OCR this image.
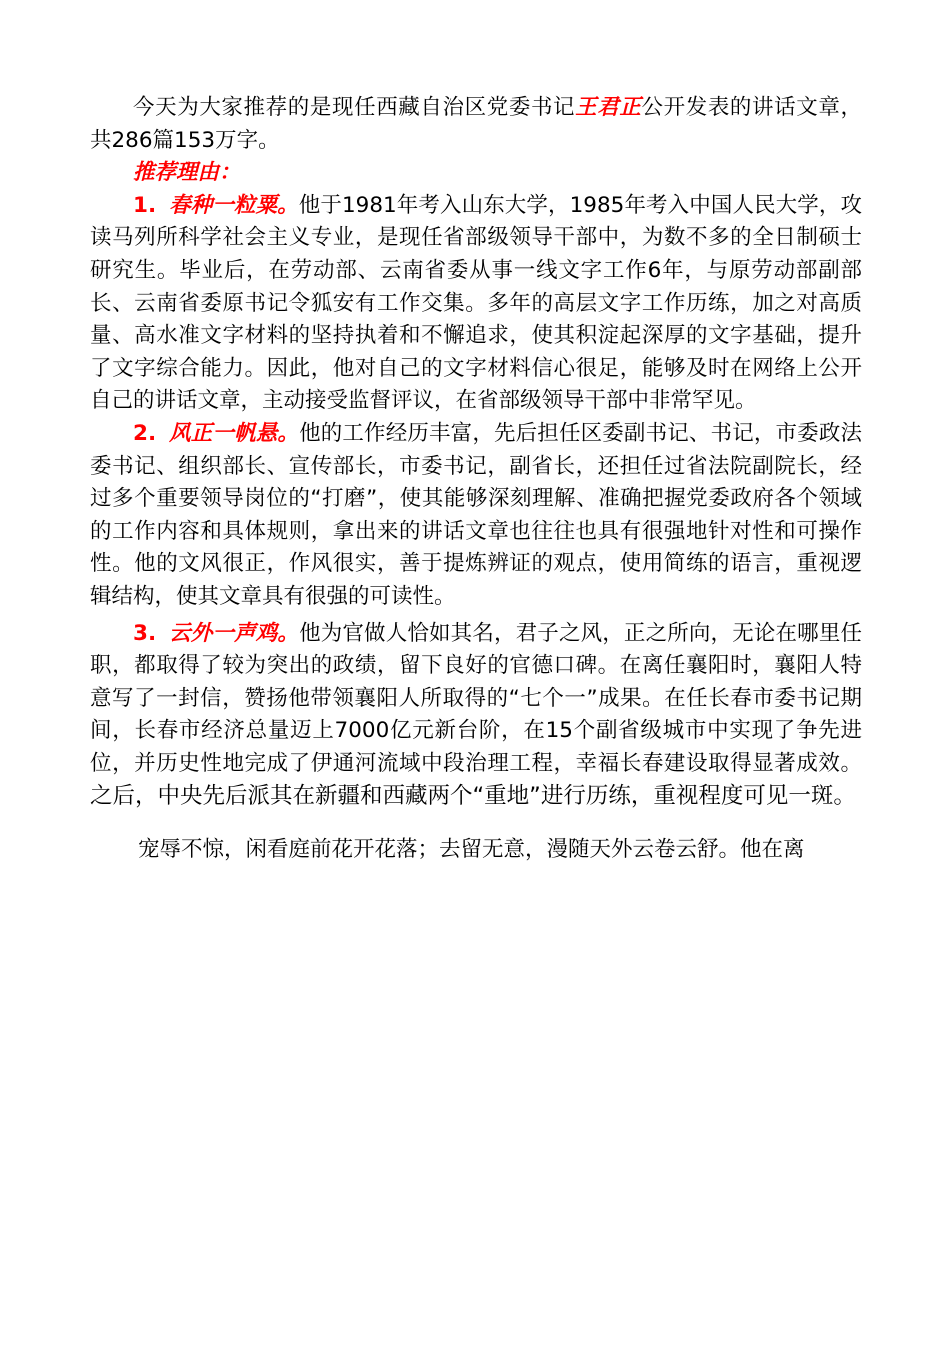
今天为大家推荐的是现任西藏自治区党委书记王君正公开发表的讲话文章，共286篇153万字。

推荐理由：

1. 春种一粒粟。他于1981年考入山东大学，1985年考入中国人民大学，攻读马列所科学社会主义专业，是现任省部级领导干部中，为数不多的全日制硕士研究生。毕业后，在劳动部、云南省委从事一线文字工作6年，与原劳动部副部长、云南省委原书记令狐安有工作交集。多年的高层文字工作历练，加之对高质量、高水准文字材料的坚持执着和不懈追求，使其积淀起深厚的文字基础，提升了文字综合能力。因此，他对自己的文字材料信心很足，能够及时在网络上公开自己的讲话文章，主动接受监督评议，在省部级领导干部中非常罕见。

2. 风正一帆悬。他的工作经历丰富，先后担任区委副书记、书记，市委政法委书记、组织部长、宣传部长，市委书记，副省长，还担任过省法院副院长，经过多个重要领导岗位的“打磨”，使其能够深刻理解、准确把握党委政府各个领域的工作内容和具体规则，拿出来的讲话文章也往往也具有很强地针对性和可操作性。他的文风很正，作风很实，善于提炼辨证的观点，使用简练的语言，重视逻辑结构，使其文章具有很强的可读性。

3. 云外一声鸡。他为官做人恰如其名，君子之风，正之所向，无论在哪里任职，都取得了较为突出的政绩，留下良好的官德口碑。在离任襄阳时，襄阳人特意写了一封信，赞扬他带领襄阳人所取得的“七个一”成果。在任长春市委书记期间，长春市经济总量迈上7000亿元新台阶，在15个副省级城市中实现了争先进位，并历史性地完成了伊通河流域中段治理工程，幸福长春建设取得显著成效。之后，中央先后派其在新疆和西藏两个“重地”进行历练，重视程度可见一斑。

宠辱不惊，闲看庭前花开花落；去留无意，漫随天外云卷云舒。他在离
